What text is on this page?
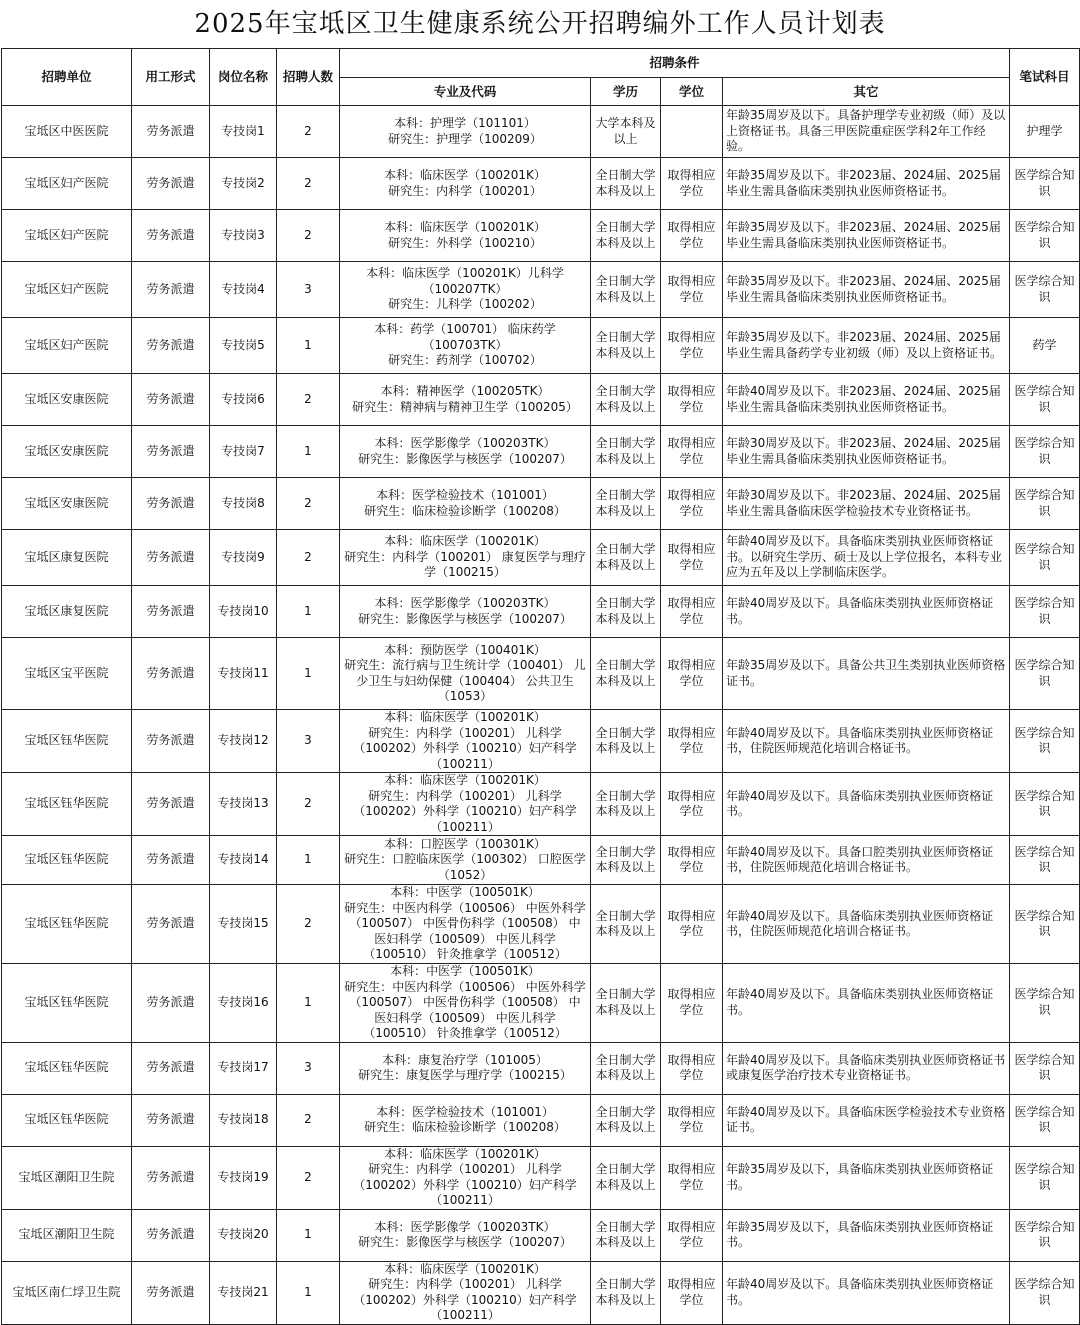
2025年宝坻区卫生健康系统公开招聘编外工作人员计划表
招聘单位	用工形式	岗位名称	招聘人数	招聘条件				笔试科目
				专业及代码	学历	学位	其它	
宝坻区中医医院	劳务派遣	专技岗1	2	本科：护理学（101101）
研究生：护理学（100209）	大学本科及以上		年龄35周岁及以下。具备护理学专业初级（师）及以上资格证书。具备三甲医院重症医学科2年工作经验。	护理学
宝坻区妇产医院	劳务派遣	专技岗2	2	本科：临床医学（100201K）
研究生：内科学（100201）	全日制大学本科及以上	取得相应学位	年龄35周岁及以下。非2023届、2024届、2025届毕业生需具备临床类别执业医师资格证书。	医学综合知识
宝坻区妇产医院	劳务派遣	专技岗3	2	本科：临床医学（100201K）
研究生：外科学（100210）	全日制大学本科及以上	取得相应学位	年龄35周岁及以下。非2023届、2024届、2025届毕业生需具备临床类别执业医师资格证书。	医学综合知识
宝坻区妇产医院	劳务派遣	专技岗4	3	本科：临床医学（100201K）儿科学（100207TK）
研究生：儿科学（100202）	全日制大学本科及以上	取得相应学位	年龄35周岁及以下。非2023届、2024届、2025届毕业生需具备临床类别执业医师资格证书。	医学综合知识
宝坻区妇产医院	劳务派遣	专技岗5	1	本科：药学（100701） 临床药学（100703TK）
研究生：药剂学（100702）	全日制大学本科及以上	取得相应学位	年龄35周岁及以下。非2023届、2024届、2025届毕业生需具备药学专业初级（师）及以上资格证书。	药学
宝坻区安康医院	劳务派遣	专技岗6	2	本科：精神医学（100205TK）
研究生：精神病与精神卫生学（100205）	全日制大学本科及以上	取得相应学位	年龄40周岁及以下。非2023届、2024届、2025届毕业生需具备临床类别执业医师资格证书。	医学综合知识
宝坻区安康医院	劳务派遣	专技岗7	1	本科：医学影像学（100203TK）
研究生：影像医学与核医学（100207）	全日制大学本科及以上	取得相应学位	年龄30周岁及以下。非2023届、2024届、2025届毕业生需具备临床类别执业医师资格证书。	医学综合知识
宝坻区安康医院	劳务派遣	专技岗8	2	本科：医学检验技术（101001）
研究生：临床检验诊断学（100208）	全日制大学本科及以上	取得相应学位	年龄30周岁及以下。非2023届、2024届、2025届毕业生需具备临床医学检验技术专业资格证书。	医学综合知识
宝坻区康复医院	劳务派遣	专技岗9	2	本科：临床医学（100201K）
研究生：内科学（100201） 康复医学与理疗学（100215）	全日制大学本科及以上	取得相应学位	年龄40周岁及以下。具备临床类别执业医师资格证书。以研究生学历、硕士及以上学位报名，本科专业应为五年及以上学制临床医学。	医学综合知识
宝坻区康复医院	劳务派遣	专技岗10	1	本科：医学影像学（100203TK）
研究生：影像医学与核医学（100207）	全日制大学本科及以上	取得相应学位	年龄40周岁及以下。具备临床类别执业医师资格证书。	医学综合知识
宝坻区宝平医院	劳务派遣	专技岗11	1	本科：预防医学（100401K）
研究生：流行病与卫生统计学（100401） 儿少卫生与妇幼保健（100404） 公共卫生（1053）	全日制大学本科及以上	取得相应学位	年龄35周岁及以下。具备公共卫生类别执业医师资格证书。	医学综合知识
宝坻区钰华医院	劳务派遣	专技岗12	3	本科：临床医学（100201K）
研究生：内科学（100201） 儿科学（100202）外科学（100210）妇产科学（100211）	全日制大学本科及以上	取得相应学位	年龄40周岁及以下。具备临床类别执业医师资格证书，住院医师规范化培训合格证书。	医学综合知识
宝坻区钰华医院	劳务派遣	专技岗13	2	本科：临床医学（100201K）
研究生：内科学（100201） 儿科学（100202）外科学（100210）妇产科学（100211）	全日制大学本科及以上	取得相应学位	年龄40周岁及以下。具备临床类别执业医师资格证书。	医学综合知识
宝坻区钰华医院	劳务派遣	专技岗14	1	本科：口腔医学（100301K）
研究生：口腔临床医学（100302） 口腔医学（1052）	全日制大学本科及以上	取得相应学位	年龄40周岁及以下。具备口腔类别执业医师资格证书，住院医师规范化培训合格证书。	医学综合知识
宝坻区钰华医院	劳务派遣	专技岗15	2	本科：中医学（100501K）
研究生：中医内科学（100506） 中医外科学（100507） 中医骨伤科学（100508） 中医妇科学（100509） 中医儿科学（100510） 针灸推拿学（100512）	全日制大学本科及以上	取得相应学位	年龄40周岁及以下。具备临床类别执业医师资格证书，住院医师规范化培训合格证书。	医学综合知识
宝坻区钰华医院	劳务派遣	专技岗16	1	本科：中医学（100501K）
研究生：中医内科学（100506） 中医外科学（100507） 中医骨伤科学（100508） 中医妇科学（100509） 中医儿科学（100510） 针灸推拿学（100512）	全日制大学本科及以上	取得相应学位	年龄40周岁及以下。具备临床类别执业医师资格证书。	医学综合知识
宝坻区钰华医院	劳务派遣	专技岗17	3	本科：康复治疗学（101005）
研究生：康复医学与理疗学（100215）	全日制大学本科及以上	取得相应学位	年龄40周岁及以下。具备临床类别执业医师资格证书或康复医学治疗技术专业资格证书。	医学综合知识
宝坻区钰华医院	劳务派遣	专技岗18	2	本科：医学检验技术（101001）
研究生：临床检验诊断学（100208）	全日制大学本科及以上	取得相应学位	年龄40周岁及以下。具备临床医学检验技术专业资格证书。	医学综合知识
宝坻区潮阳卫生院	劳务派遣	专技岗19	2	本科：临床医学（100201K）
研究生：内科学（100201） 儿科学（100202）外科学（100210）妇产科学（100211）	全日制大学本科及以上	取得相应学位	年龄35周岁及以下，具备临床类别执业医师资格证书。	医学综合知识
宝坻区潮阳卫生院	劳务派遣	专技岗20	1	本科：医学影像学（100203TK）
研究生：影像医学与核医学（100207）	全日制大学本科及以上	取得相应学位	年龄35周岁及以下，具备临床类别执业医师资格证书。	医学综合知识
宝坻区南仁垺卫生院	劳务派遣	专技岗21	1	本科：临床医学（100201K）
研究生：内科学（100201） 儿科学（100202）外科学（100210）妇产科学（100211）	全日制大学本科及以上	取得相应学位	年龄40周岁及以下。具备临床类别执业医师资格证书。	医学综合知识
